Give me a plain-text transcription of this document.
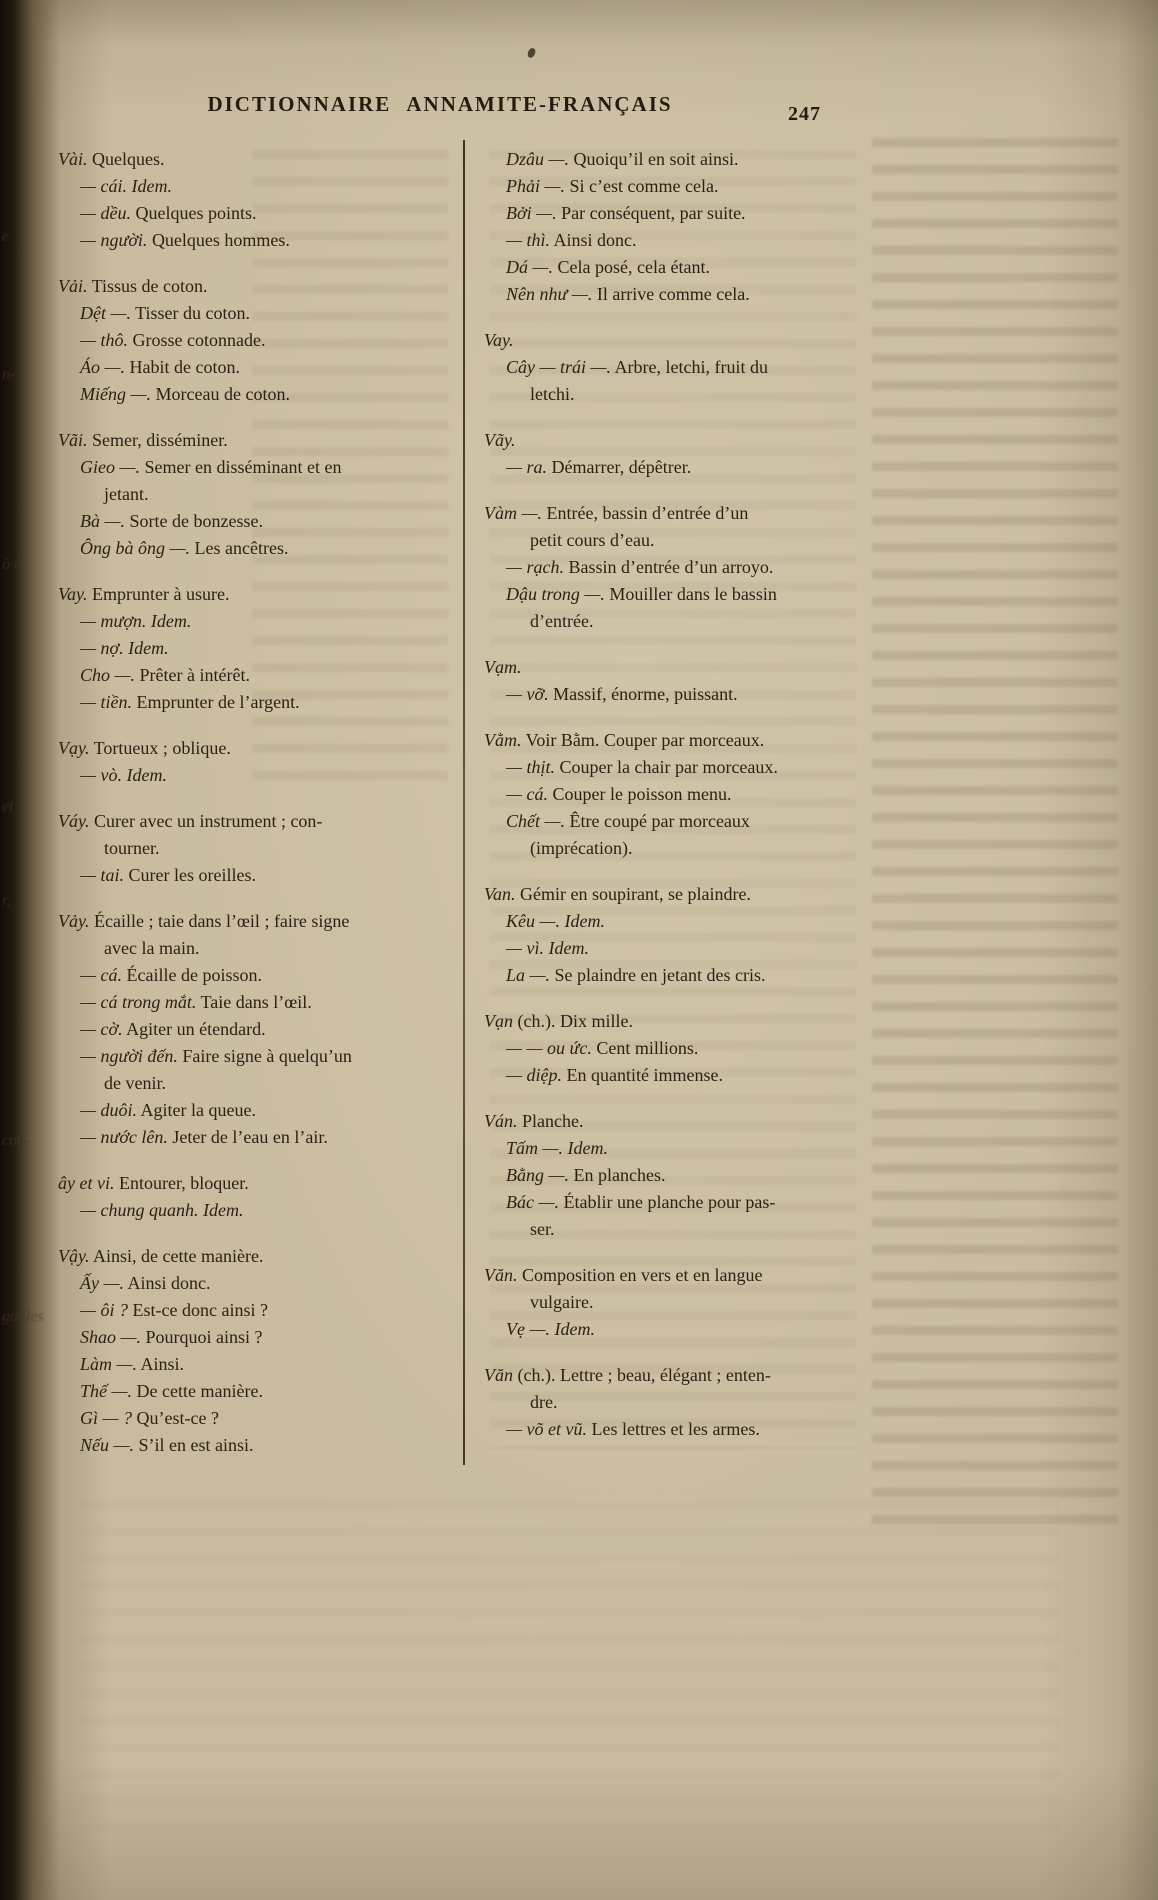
DICTIONNAIRE ANNAMITE-FRANÇAIS	247
Vài. Quelques.
— cái. Idem.
— dều. Quelques points.
— người. Quelques hommes.
Vải. Tissus de coton.
Dệt —. Tisser du coton.
— thô. Grosse cotonnade.
Áo —. Habit de coton.
Miếng —. Morceau de coton.
Vãi. Semer, disséminer.
Gieo —. Semer en disséminant et en
jetant.
Bà —. Sorte de bonzesse.
Ông bà ông —. Les ancêtres.
Vay. Emprunter à usure.
— mượn. Idem.
— nợ. Idem.
Cho —. Prêter à intérêt.
— tiền. Emprunter de l’argent.
Vạy. Tortueux ; oblique.
— vò. Idem.
Váy. Curer avec un instrument ; con-
tourner.
— tai. Curer les oreilles.
Vảy. Écaille ; taie dans l’œil ; faire signe
avec la main.
— cá. Écaille de poisson.
— cá trong mắt. Taie dans l’œil.
— cờ. Agiter un étendard.
— người đến. Faire signe à quelqu’un
de venir.
— duôi. Agiter la queue.
— nước lên. Jeter de l’eau en l’air.
ây et vi. Entourer, bloquer.
— chung quanh. Idem.
Vậy. Ainsi, de cette manière.
Ấy —. Ainsi donc.
— ôi ? Est-ce donc ainsi ?
Shao —. Pourquoi ainsi ?
Làm —. Ainsi.
Thế —. De cette manière.
Gì — ? Qu’est-ce ?
Nếu —. S’il en est ainsi.
Dzâu —. Quoiqu’il en soit ainsi.
Phải —. Si c’est comme cela.
Bởi —. Par conséquent, par suite.
— thì. Ainsi donc.
Dá —. Cela posé, cela étant.
Nên như —. Il arrive comme cela.
Vay.
Cây — trái —. Arbre, letchi, fruit du
letchi.
Vãy.
— ra. Démarrer, dépêtrer.
Vàm —. Entrée, bassin d’entrée d’un
petit cours d’eau.
— rạch. Bassin d’entrée d’un arroyo.
Dậu trong —. Mouiller dans le bassin
d’entrée.
Vạm.
— vỡ. Massif, énorme, puissant.
Vằm. Voir Bằm. Couper par morceaux.
— thịt. Couper la chair par morceaux.
— cá. Couper le poisson menu.
Chết —. Être coupé par morceaux
(imprécation).
Van. Gémir en soupirant, se plaindre.
Kêu —. Idem.
— vì. Idem.
La —. Se plaindre en jetant des cris.
Vạn (ch.). Dix mille.
— — ou ức. Cent millions.
— diệp. En quantité immense.
Ván. Planche.
Tấm —. Idem.
Bằng —. En planches.
Bác —. Établir une planche pour pas-
ser.
Văn. Composition en vers et en langue
vulgaire.
Vẹ —. Idem.
Văn (ch.). Lettre ; beau, élégant ; enten-
dre.
— võ et vũ. Les lettres et les armes.
e
n-
ồ à
et
r,
con-
gaules
